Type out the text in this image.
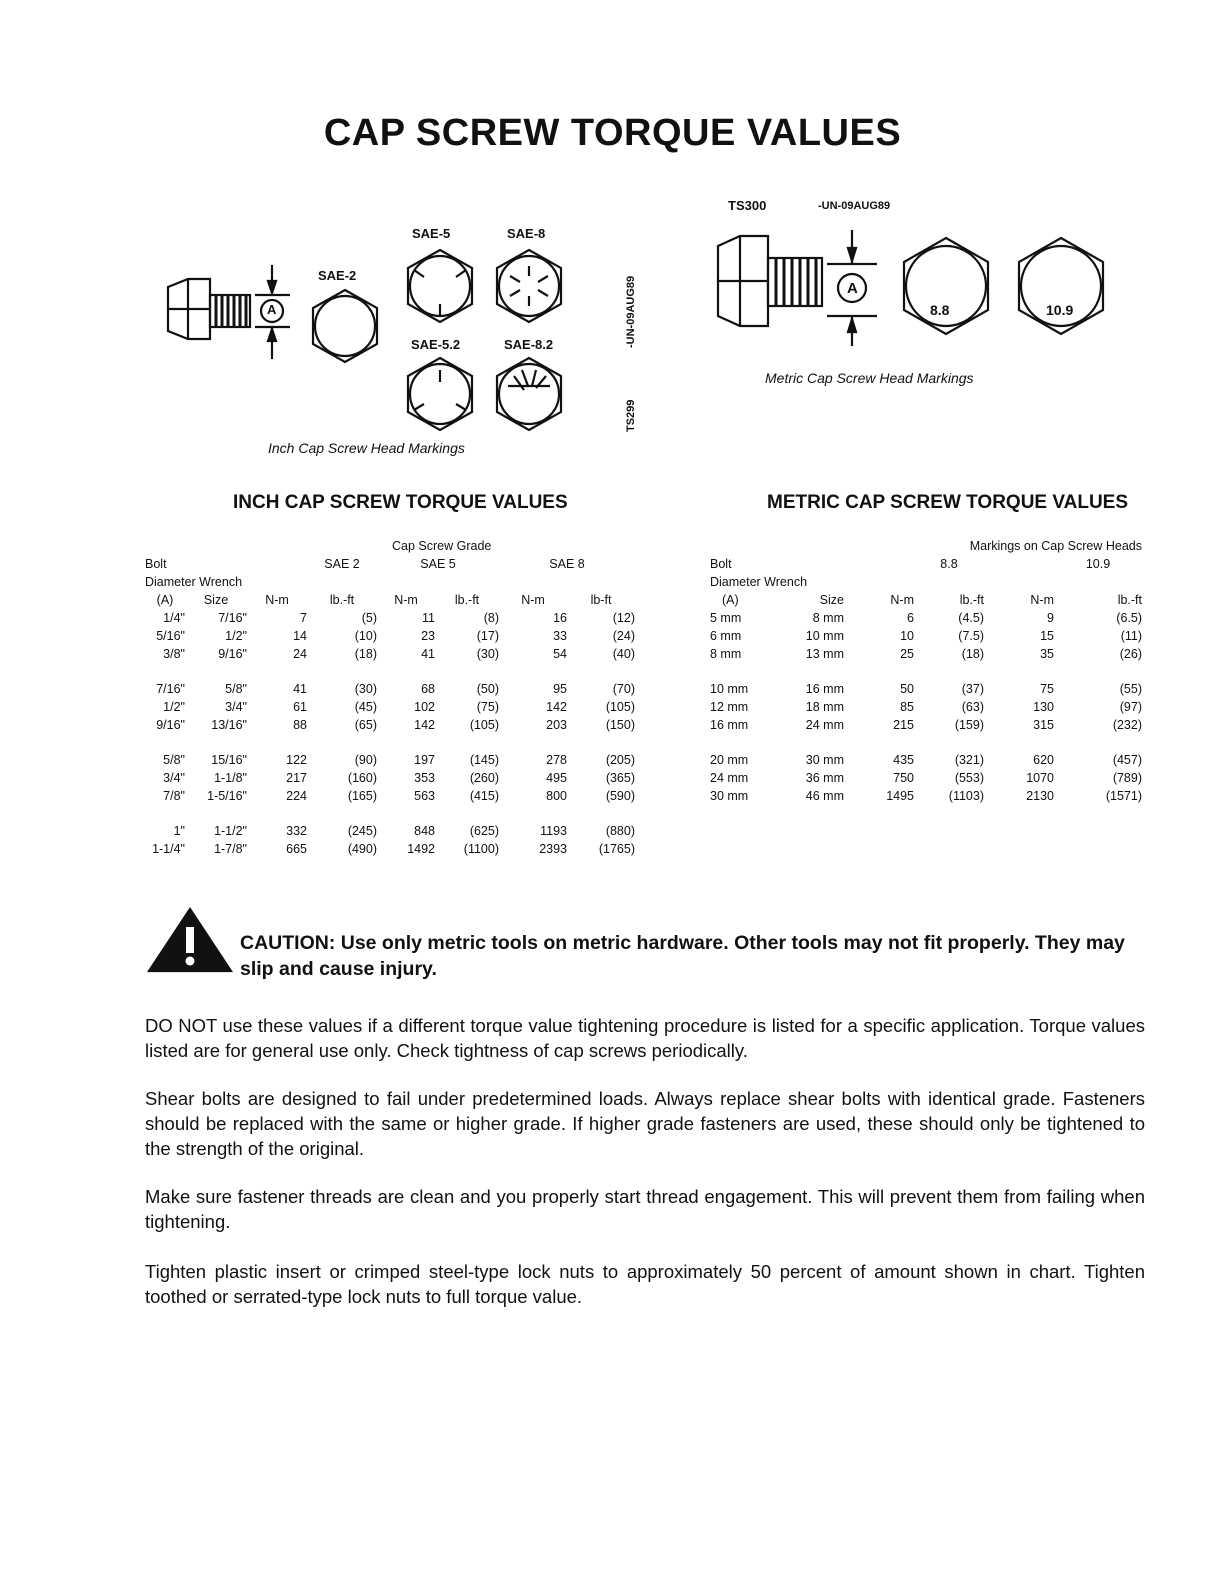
CAP SCREW TORQUE VALUES
A
SAE-2
SAE-5	SAE-8
SAE-5.2	SAE-8.2	-UN-09AUG89
TS299
Inch Cap Screw Head Markings
TS300	-UN-09AUG89
A
8.8	10.9
Metric Cap Screw Head Markings
INCH CAP SCREW TORQUE VALUES
				Cap Screw Grade			
Bolt			SAE 2	SAE 5		SAE 8	
Diameter Wrench							
(A)	Size	N-m	lb.-ft	N-m	lb.-ft	N-m	lb-ft
1/4"	7/16"	7	(5)	11	(8)	16	(12)
5/16"	1/2"	14	(10)	23	(17)	33	(24)
3/8"	9/16"	24	(18)	41	(30)	54	(40)
7/16"	5/8"	41	(30)	68	(50)	95	(70)
1/2"	3/4"	61	(45)	102	(75)	142	(105)
9/16"	13/16"	88	(65)	142	(105)	203	(150)
5/8"	15/16"	122	(90)	197	(145)	278	(205)
3/4"	1-1/8"	217	(160)	353	(260)	495	(365)
7/8"	1-5/16"	224	(165)	563	(415)	800	(590)
1"	1-1/2"	332	(245)	848	(625)	1193	(880)
1-1/4"	1-7/8"	665	(490)	1492	(1100)	2393	(1765)
METRIC CAP SCREW TORQUE VALUES
			Markings on Cap Screw Heads		
Bolt			8.8		10.9
Diameter Wrench					
(A)	Size	N-m	lb.-ft	N-m	lb.-ft
5 mm	8 mm	6	(4.5)	9	(6.5)
6 mm	10 mm	10	(7.5)	15	(11)
8 mm	13 mm	25	(18)	35	(26)
10 mm	16 mm	50	(37)	75	(55)
12 mm	18 mm	85	(63)	130	(97)
16 mm	24 mm	215	(159)	315	(232)
20 mm	30 mm	435	(321)	620	(457)
24 mm	36 mm	750	(553)	1070	(789)
30 mm	46 mm	1495	(1103)	2130	(1571)
CAUTION: Use only metric tools on metric hardware. Other tools may not fit properly. They may slip and cause injury.
DO NOT use these values if a different torque value tightening procedure is listed for a specific application. Torque values listed are for general use only. Check tightness of cap screws periodically.
Shear bolts are designed to fail under predetermined loads. Always replace shear bolts with identical grade. Fasteners should be replaced with the same or higher grade. If higher grade fasteners are used, these should only be tightened to the strength of the original.
Make sure fastener threads are clean and you properly start thread engagement. This will prevent them from failing when tightening.
Tighten plastic insert or crimped steel-type lock nuts to approximately 50 percent of amount shown in chart. Tighten toothed or serrated-type lock nuts to full torque value.
